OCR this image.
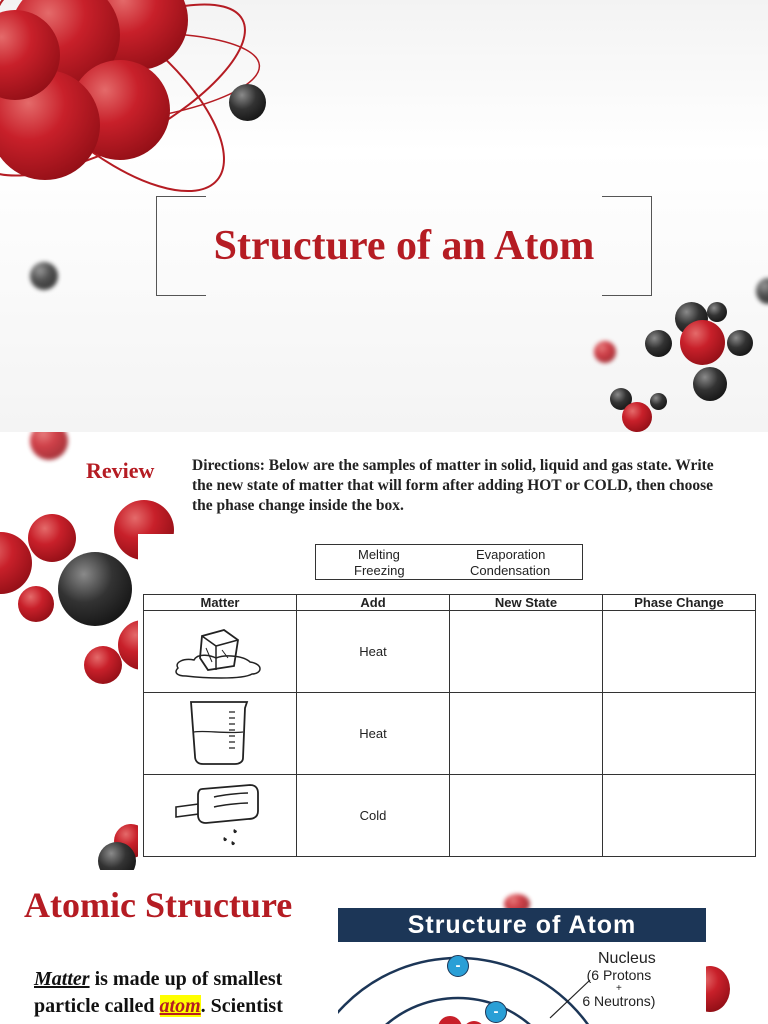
Structure of an Atom
Review Directions: Below are the samples of matter in solid, liquid and gas state. Write the new state of matter that will form after adding HOT or COLD, then choose the phase change inside the box.
Melting
Freezing
Evaporation
Condensation
Matter	Add	New State	Phase Change
	Heat		
	Heat		
	Cold		
Atomic Structure
Matter is made up of smallest particle called atom. Scientist
Structure of Atom
-
-
Nucleus
(6 Protons
+
6 Neutrons)
